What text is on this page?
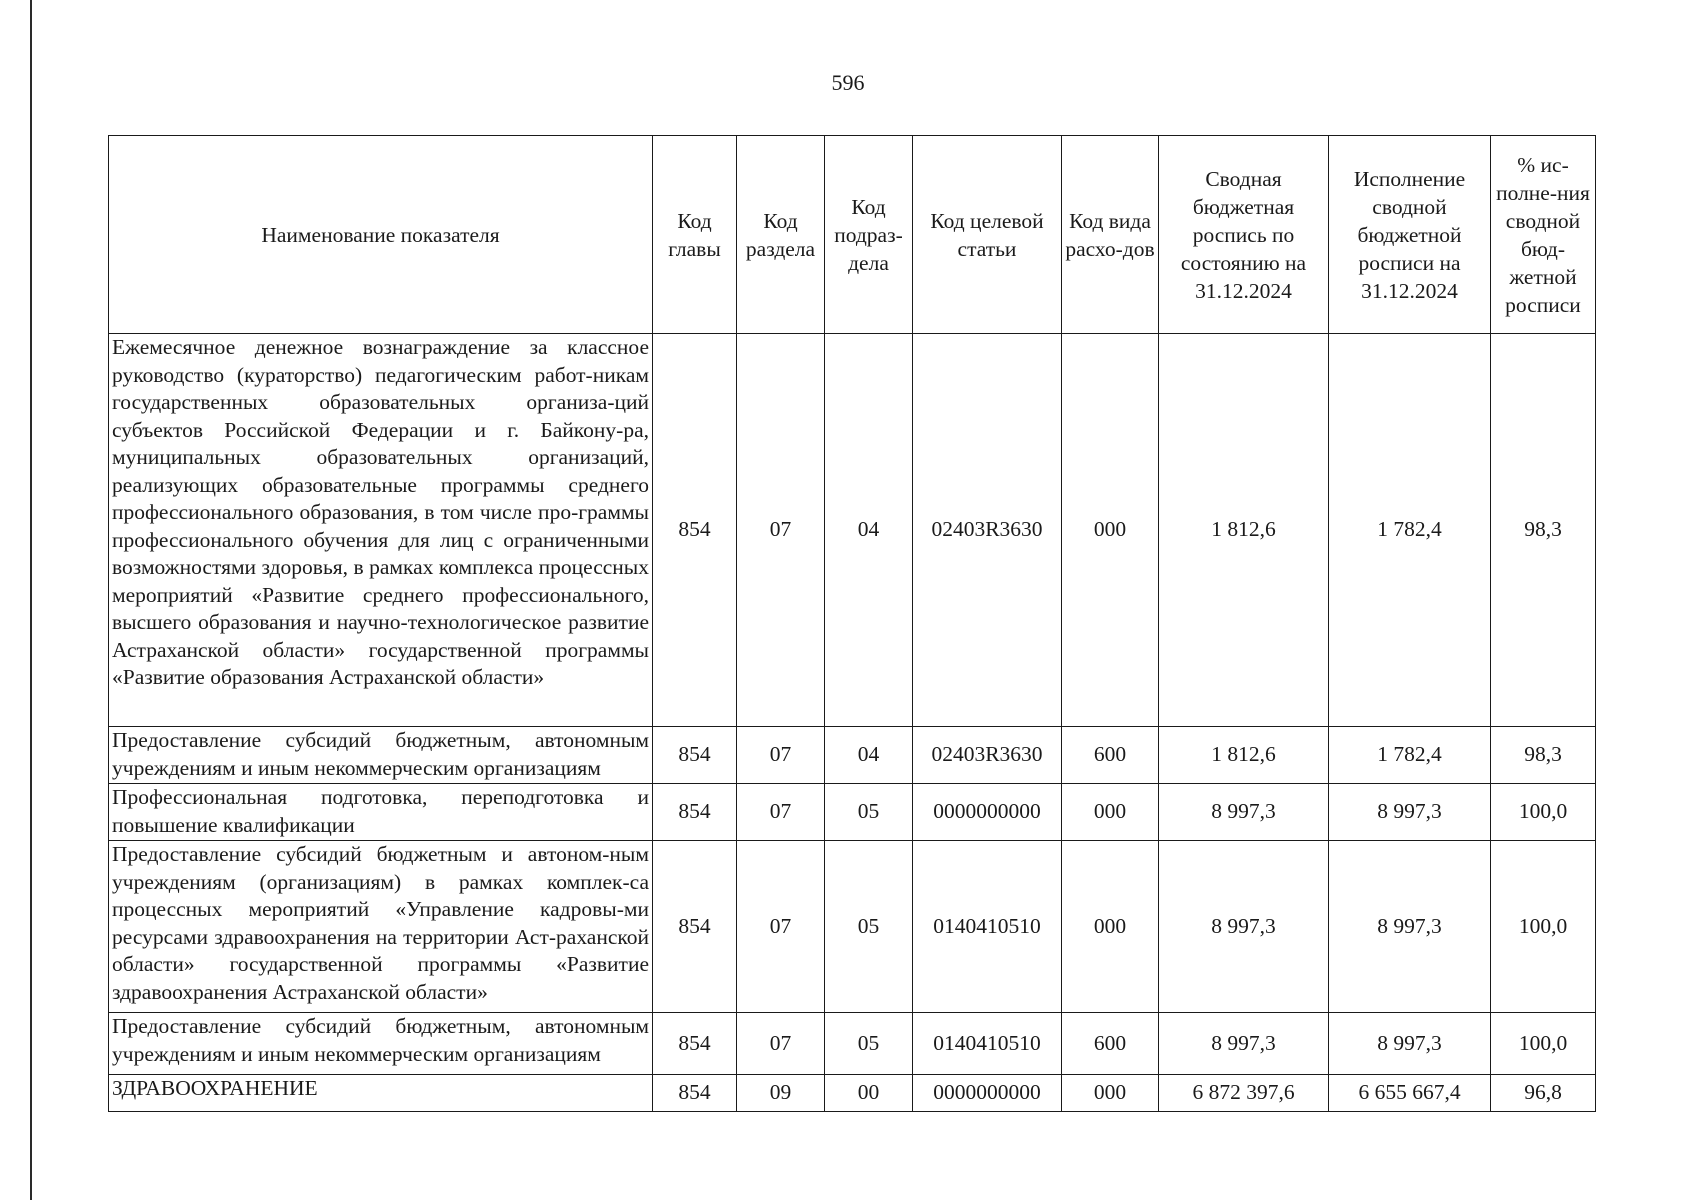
596
Наименование показателя	Код главы	Код раздела	Код подраз-дела	Код целевой статьи	Код вида расхо-дов	Сводная бюджетная роспись по состоянию на 31.12.2024	Исполнение сводной бюджетной росписи на 31.12.2024	% ис-полне-ния сводной бюд-жетной росписи
Ежемесячное денежное вознаграждение за классное руководство (кураторство) педагогическим работ-никам государственных образовательных организа-ций субъектов Российской Федерации и г. Байкону-ра, муниципальных образовательных организаций, реализующих образовательные программы среднего профессионального образования, в том числе про-граммы профессионального обучения для лиц с ограниченными возможностями здоровья, в рамках комплекса процессных мероприятий «Развитие среднего профессионального, высшего образования и научно-технологическое развитие Астраханской области» государственной программы «Развитие образования Астраханской области»	854	07	04	02403R3630	000	1 812,6	1 782,4	98,3
Предоставление субсидий бюджетным, автономным учреждениям и иным некоммерческим организациям	854	07	04	02403R3630	600	1 812,6	1 782,4	98,3
Профессиональная подготовка, переподготовка и повышение квалификации	854	07	05	0000000000	000	8 997,3	8 997,3	100,0
Предоставление субсидий бюджетным и автоном-ным учреждениям (организациям) в рамках комплек-са процессных мероприятий «Управление кадровы-ми ресурсами здравоохранения на территории Аст-раханской области» государственной программы «Развитие здравоохранения Астраханской области»	854	07	05	0140410510	000	8 997,3	8 997,3	100,0
Предоставление субсидий бюджетным, автономным учреждениям и иным некоммерческим организациям	854	07	05	0140410510	600	8 997,3	8 997,3	100,0
ЗДРАВООХРАНЕНИЕ	854	09	00	0000000000	000	6 872 397,6	6 655 667,4	96,8
